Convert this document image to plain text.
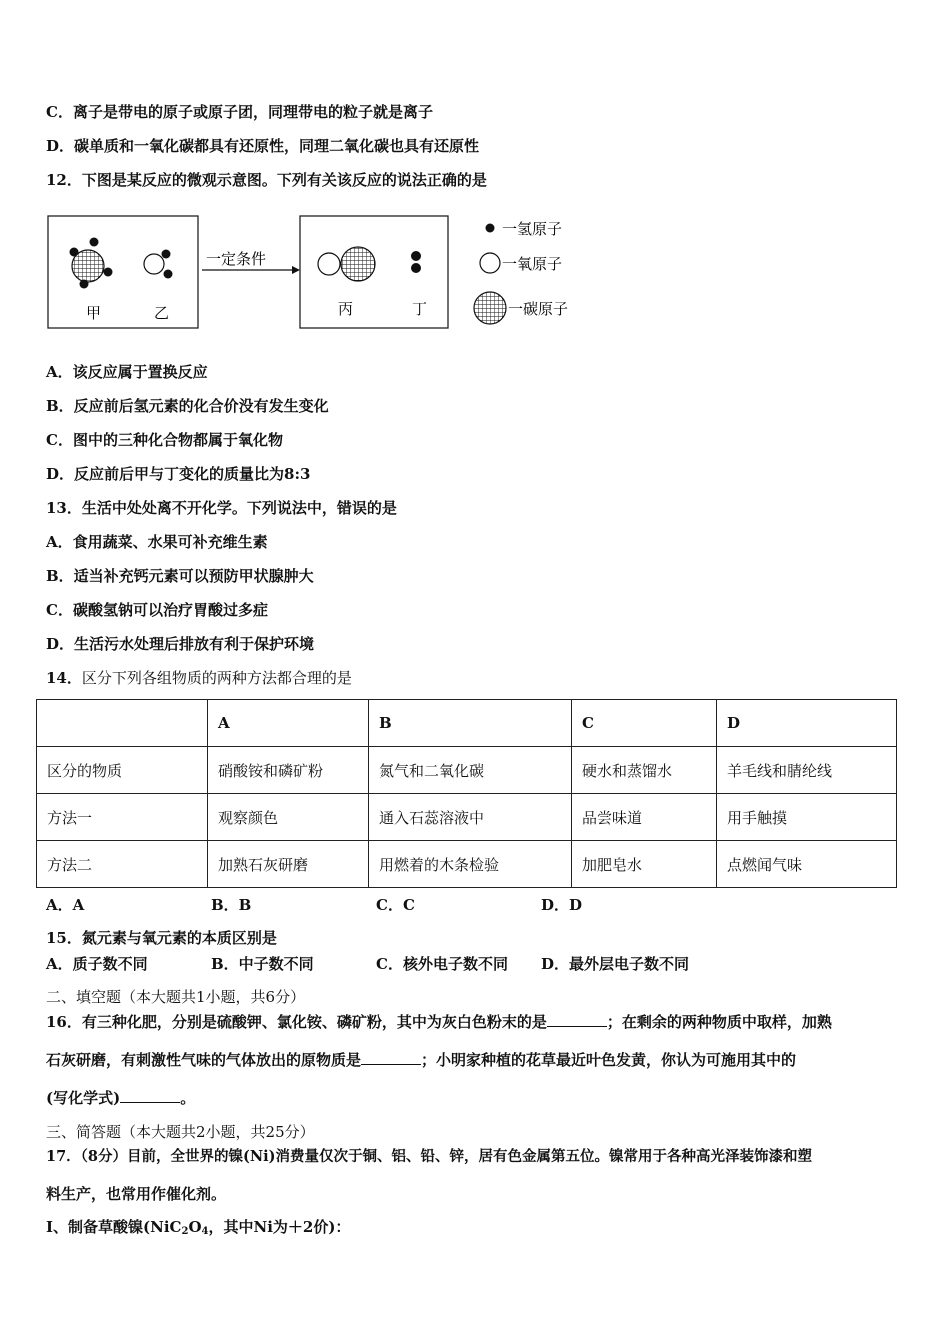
C．离子是带电的原子或原子团，同理带电的粒子就是离子
D．碳单质和一氧化碳都具有还原性，同理二氧化碳也具有还原性
12．下图是某反应的微观示意图。下列有关该反应的说法正确的是
甲	乙
一定条件
丙	丁
一氢原子
一氧原子
一碳原子
A．该反应属于置换反应
B．反应前后氢元素的化合价没有发生变化
C．图中的三种化合物都属于氧化物
D．反应前后甲与丁变化的质量比为8:3
13．生活中处处离不开化学。下列说法中，错误的是
A．食用蔬菜、水果可补充维生素
B．适当补充钙元素可以预防甲状腺肿大
C．碳酸氢钠可以治疗胃酸过多症
D．生活污水处理后排放有利于保护环境
14．区分下列各组物质的两种方法都合理的是
	A	B	C	D
区分的物质	硝酸铵和磷矿粉	氮气和二氧化碳	硬水和蒸馏水	羊毛线和腈纶线
方法一	观察颜色	通入石蕊溶液中	品尝味道	用手触摸
方法二	加熟石灰研磨	用燃着的木条检验	加肥皂水	点燃闻气味
A．A	B．B	C．C	D．D
15．氮元素与氧元素的本质区别是
A．质子数不同	B．中子数不同	C．核外电子数不同 D．最外层电子数不同
二、填空题（本大题共1小题，共6分）
16．有三种化肥，分别是硫酸钾、氯化铵、磷矿粉，其中为灰白色粉末的是	；在剩余的两种物质中取样，加熟
石灰研磨，有刺激性气味的气体放出的原物质是	；小明家种植的花草最近叶色发黄，你认为可施用其中的
(写化学式)	。
三、简答题（本大题共2小题，共25分）
17．（8分）目前，全世界的镍(Ni)消费量仅次于铜、铝、铅、锌，居有色金属第五位。镍常用于各种高光泽装饰漆和塑
料生产，也常用作催化剂。
I、制备草酸镍($NiC_2O_4$，其中Ni为＋2价)：
